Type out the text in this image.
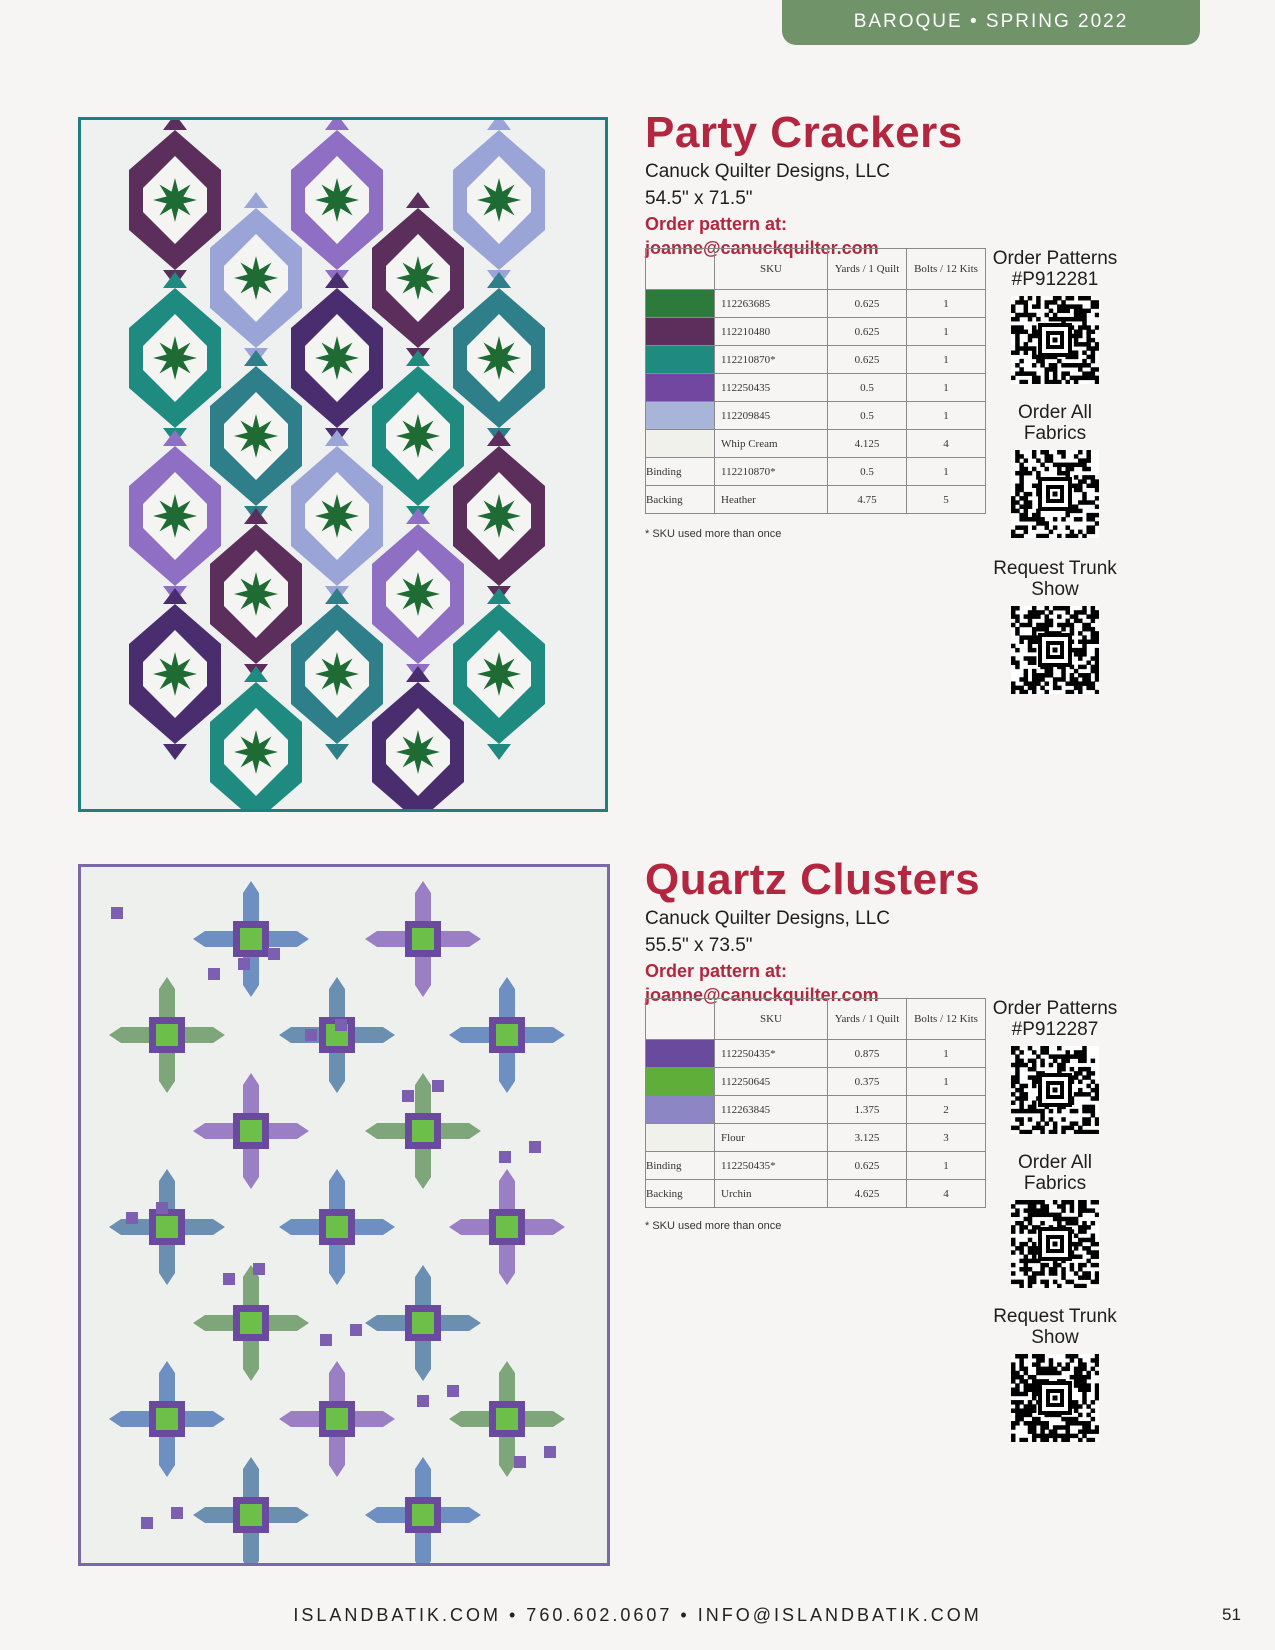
BAROQUE • SPRING 2022
Party Crackers
Canuck Quilter Designs, LLC
54.5" x 71.5"
Order pattern at: joanne@canuckquilter.com
	SKU	Yards / 1 Quilt	Bolts / 12 Kits

	112263685	0.625	1

	112210480	0.625	1

	112210870*	0.625	1

	112250435	0.5	1

	112209845	0.5	1

	Whip Cream	4.125	4
Binding	112210870*	0.5	1
Backing	Heather	4.75	5
* SKU used more than once
Order Patterns #P912281
Order All Fabrics
Request Trunk Show
Quartz Clusters
Canuck Quilter Designs, LLC
55.5" x 73.5"
Order pattern at: joanne@canuckquilter.com
	SKU	Yards / 1 Quilt	Bolts / 12 Kits

	112250435*	0.875	1

	112250645	0.375	1

	112263845	1.375	2

	Flour	3.125	3
Binding	112250435*	0.625	1
Backing	Urchin	4.625	4
* SKU used more than once
Order Patterns #P912287
Order All Fabrics
Request Trunk Show
ISLANDBATIK.COM • 760.602.0607 • INFO@ISLANDBATIK.COM	51
